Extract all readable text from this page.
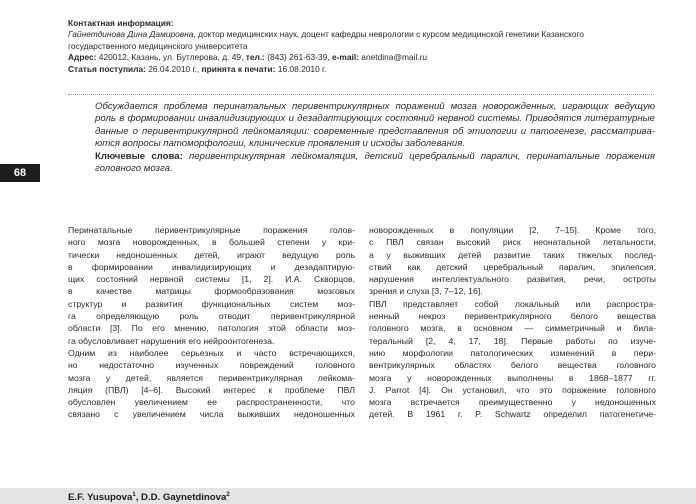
68
Контактная информация:
Гайнетдинова Дина Дамировна, доктор медицинских наук, доцент кафедры неврологии с курсом медицинской генетики Казанского
государственного медицинского университета
Адрес: 420012, Казань, ул. Бутлерова, д. 49, тел.: (843) 261-63-39, e-mail: anetdina@mail.ru
Статья поступила: 26.04.2010 г., принята к печати: 16.08.2010 г.
Обсуждается проблема перинатальных перивентрикулярных поражений мозга новорожденных, играющих ведущую
роль в формировании инвалидизирующих и дезадаптирующих состояний нервной системы. Приводятся литературные
данные о перивентрикулярной лейкомаляции: современные представления об этиологии и патогенезе, рассматрива-
ются вопросы патоморфологии, клинические проявления и исходы заболевания.
Ключевые слова: перивентрикулярная лейкомаляция, детский церебральный паралич, перинатальные поражения
головного мозга.
Перинатальные перивентрикулярные поражения голов-
ного мозга новорожденных, в большей степени у кри-
тически недоношенных детей, играют ведущую роль
в формировании инвалидизирующих и дезадаптирую-
щих состояний нервной системы [1, 2]. И.А. Скворцов,
в качестве матрицы формообразования мозговых
структур и развития функциональных систем моз-
га определяющую роль отводит перивентрикулярной
области [3]. По его мнению, патология этой области моз-
га обусловливает нарушения его нейроонтогенеза.
Одним из наиболее серьезных и часто встречающихся,
но недостаточно изученных повреждений головного
мозга у детей, является перивентрикулярная лейкома-
ляция (ПВЛ) [4–6]. Высокий интерес к проблеме ПВЛ
обусловлен увеличением ее распространенности, что
связано с увеличением числа выживших недоношенных
новорожденных в популяции [2, 7–15]. Кроме того,
с ПВЛ связан высокий риск неонатальной летальности,
а у выживших детей развитие таких тяжелых послед-
ствий как детский церебральный паралич, эпилепсия,
нарушения интеллектуального развития, речи, остроты
зрения и слуха [3, 7–12, 16].
ПВЛ представляет собой локальный или распростра-
ненный некроз перивентрикулярного белого вещества
головного мозга, в основном — симметричный и била-
теральный [2, 4, 17, 18]. Первые работы по изуче-
нию морфологии патологических изменений в пери-
вентрикулярных областях белого вещества головного
мозга у новорожденных выполнены в 1868–1877 гг.
J. Parrot [4]. Он установил, что это поражение головного
мозга встречается преимущественно у недоношенных
детей. В 1961 г. P. Schwartz определил патогенетиче-
E.F. Yusupova$^1$, D.D. Gaynetdinova$^2$
